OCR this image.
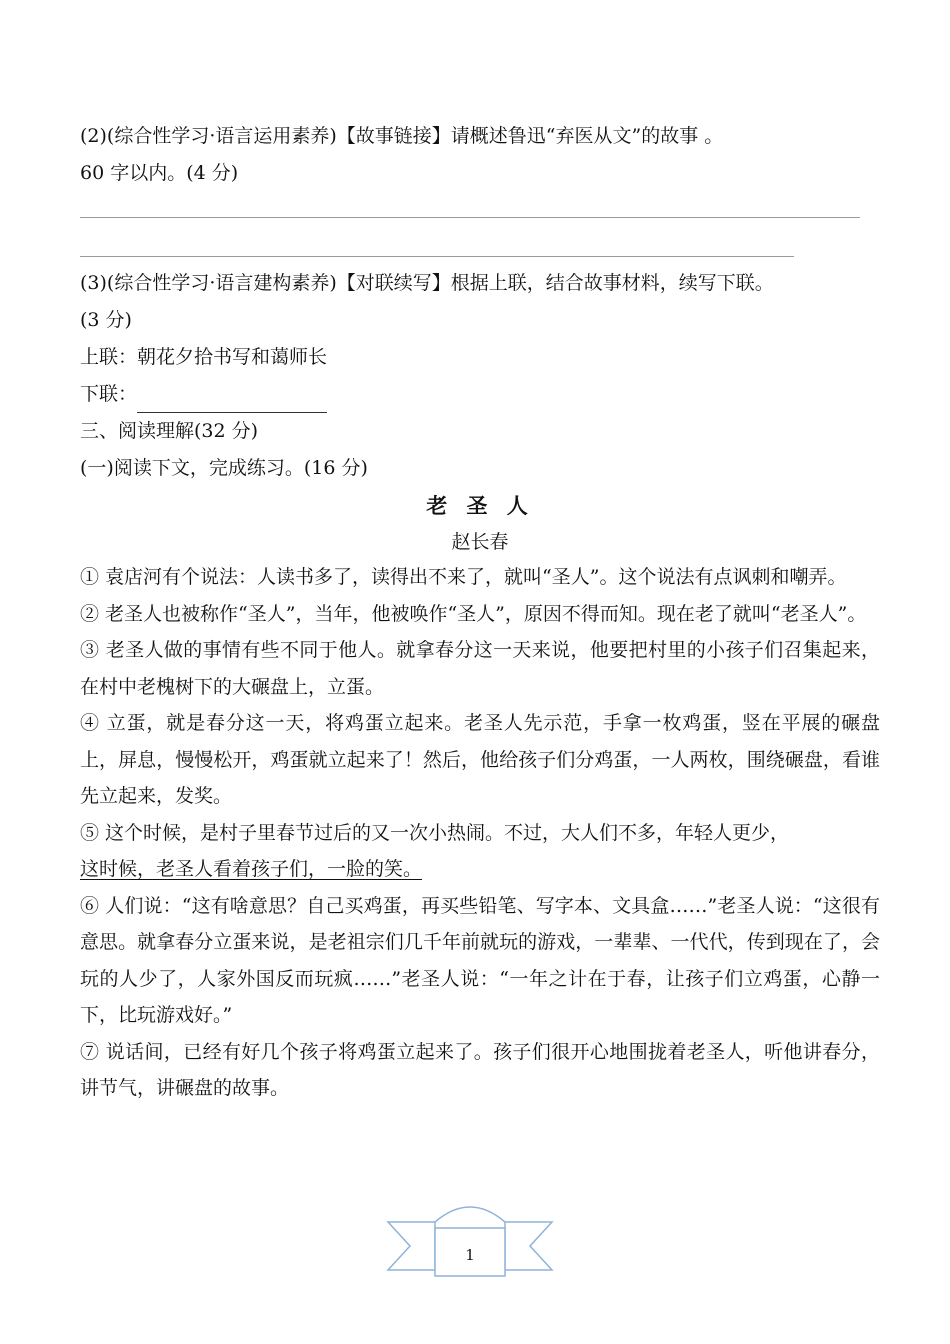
(2)(综合性学习·语言运用素养)【故事链接】请概述鲁迅“弃医从文”的故事 。
60 字以内。(4 分)
(3)(综合性学习·语言建构素养)【对联续写】根据上联，结合故事材料，续写下联。
(3 分)
上联：朝花夕拾书写和蔼师长
下联：
三、阅读理解(32 分)
(一)阅读下文，完成练习。(16 分)
老 圣 人
赵长春
① 袁店河有个说法：人读书多了，读得出不来了，就叫“圣人”。这个说法有点讽刺和嘲弄。
② 老圣人也被称作“圣人”，当年，他被唤作“圣人”，原因不得而知。现在老了就叫“老圣人”。
③ 老圣人做的事情有些不同于他人。就拿春分这一天来说，他要把村里的小孩子们召集起来，在村中老槐树下的大碾盘上，立蛋。
④ 立蛋，就是春分这一天，将鸡蛋立起来。老圣人先示范，手拿一枚鸡蛋，竖在平展的碾盘上，屏息，慢慢松开，鸡蛋就立起来了！然后，他给孩子们分鸡蛋，一人两枚，围绕碾盘，看谁先立起来，发奖。
⑤ 这个时候，是村子里春节过后的又一次小热闹。不过，大人们不多，年轻人更少，
这时候，老圣人看着孩子们，一脸的笑。
⑥ 人们说：“这有啥意思？自己买鸡蛋，再买些铅笔、写字本、文具盒……”老圣人说：“这很有意思。就拿春分立蛋来说，是老祖宗们几千年前就玩的游戏，一辈辈、一代代，传到现在了，会玩的人少了，人家外国反而玩疯……”老圣人说：“一年之计在于春，让孩子们立鸡蛋，心静一下，比玩游戏好。”
⑦ 说话间，已经有好几个孩子将鸡蛋立起来了。孩子们很开心地围拢着老圣人，听他讲春分，讲节气，讲碾盘的故事。
1
